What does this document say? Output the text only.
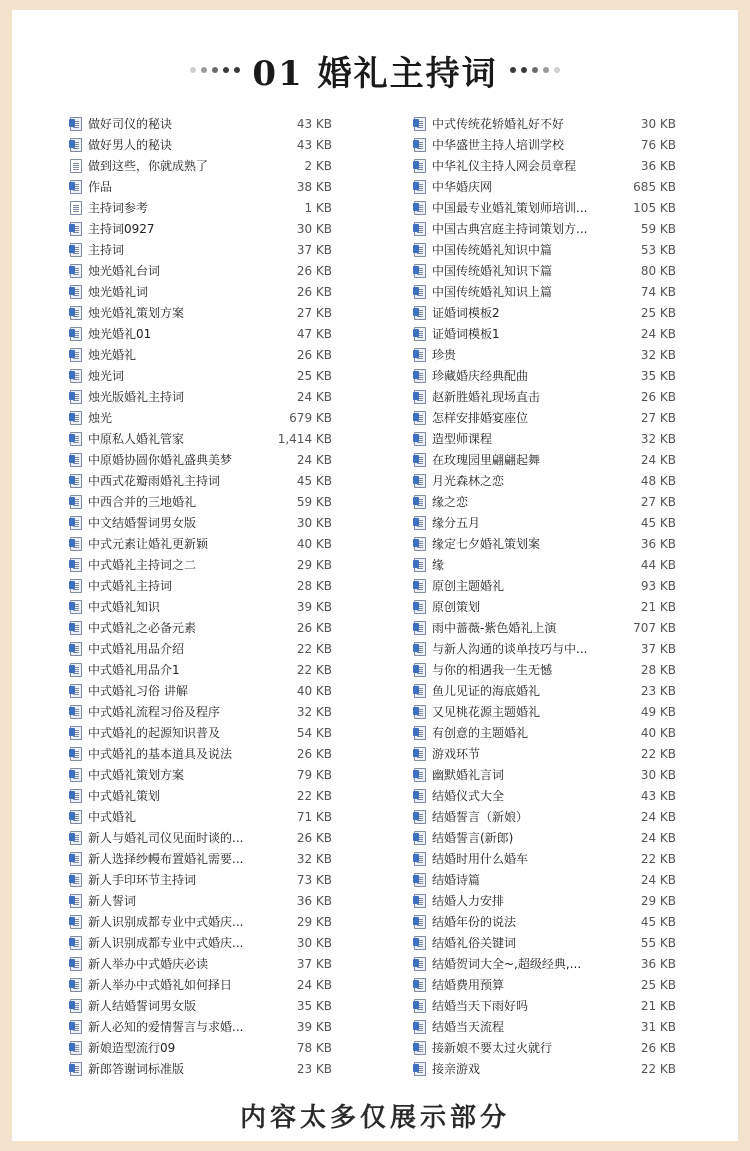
01 婚礼主持词
做好司仪的秘诀	43 KB
做好男人的秘诀	43 KB
做到这些，你就成熟了	2 KB
作品	38 KB
主持词参考	1 KB
主持词0927	30 KB
主持词	37 KB
烛光婚礼台词	26 KB
烛光婚礼词	26 KB
烛光婚礼策划方案	27 KB
烛光婚礼01	47 KB
烛光婚礼	26 KB
烛光词	25 KB
烛光版婚礼主持词	24 KB
烛光	679 KB
中原私人婚礼管家	1,414 KB
中原婚协圆你婚礼盛典美梦	24 KB
中西式花瓣雨婚礼主持词	45 KB
中西合并的三地婚礼	59 KB
中文结婚誓词男女版	30 KB
中式元素让婚礼更新颖	40 KB
中式婚礼主持词之二	29 KB
中式婚礼主持词	28 KB
中式婚礼知识	39 KB
中式婚礼之必备元素	26 KB
中式婚礼用品介绍	22 KB
中式婚礼用品介1	22 KB
中式婚礼习俗 讲解	40 KB
中式婚礼流程习俗及程序	32 KB
中式婚礼的起源知识普及	54 KB
中式婚礼的基本道具及说法	26 KB
中式婚礼策划方案	79 KB
中式婚礼策划	22 KB
中式婚礼	71 KB
新人与婚礼司仪见面时谈的...	26 KB
新人选择纱幔布置婚礼需要...	32 KB
新人手印环节主持词	73 KB
新人誓词	36 KB
新人识别成都专业中式婚庆...	29 KB
新人识别成都专业中式婚庆...	30 KB
新人举办中式婚庆必读	37 KB
新人举办中式婚礼如何择日	24 KB
新人结婚誓词男女版	35 KB
新人必知的爱情誓言与求婚...	39 KB
新娘造型流行09	78 KB
新郎答谢词标准版	23 KB
中式传统花轿婚礼好不好	30 KB
中华盛世主持人培训学校	76 KB
中华礼仪主持人网会员章程	36 KB
中华婚庆网	685 KB
中国最专业婚礼策划师培训...	105 KB
中国古典宫庭主持词策划方...	59 KB
中国传统婚礼知识中篇	53 KB
中国传统婚礼知识下篇	80 KB
中国传统婚礼知识上篇	74 KB
证婚词模板2	25 KB
证婚词模板1	24 KB
珍贵	32 KB
珍藏婚庆经典配曲	35 KB
赵新胜婚礼现场直击	26 KB
怎样安排婚宴座位	27 KB
造型师课程	32 KB
在玫瑰园里翩翩起舞	24 KB
月光森林之恋	48 KB
缘之恋	27 KB
缘分五月	45 KB
缘定七夕婚礼策划案	36 KB
缘	44 KB
原创主题婚礼	93 KB
原创策划	21 KB
雨中蔷薇-紫色婚礼上演	707 KB
与新人沟通的谈单技巧与中...	37 KB
与你的相遇我一生无憾	28 KB
鱼儿见证的海底婚礼	23 KB
又见桃花源主题婚礼	49 KB
有创意的主题婚礼	40 KB
游戏环节	22 KB
幽默婚礼言词	30 KB
结婚仪式大全	43 KB
结婚誓言（新娘）	24 KB
结婚誓言(新郎)	24 KB
结婚时用什么婚车	22 KB
结婚诗篇	24 KB
结婚人力安排	29 KB
结婚年份的说法	45 KB
结婚礼俗关键词	55 KB
结婚贺词大全~,超级经典,...	36 KB
结婚费用预算	25 KB
结婚当天下雨好吗	21 KB
结婚当天流程	31 KB
接新娘不要太过火就行	26 KB
接亲游戏	22 KB
内容太多仅展示部分
